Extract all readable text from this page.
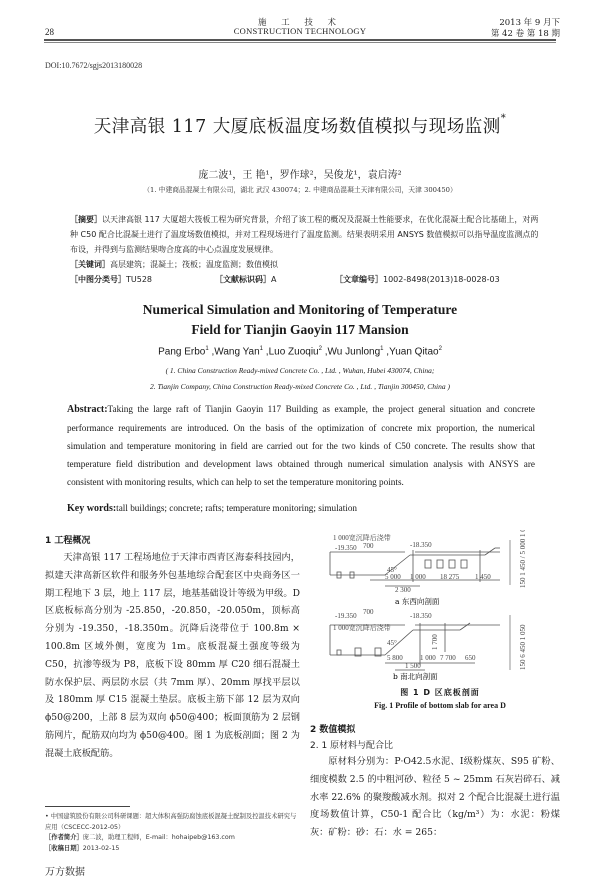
施 工 技 术
CONSTRUCTION TECHNOLOGY
28
2013 年 9 月下
第 42 卷 第 18 期
DOI:10.7672/sgjs2013180028
天津高银 117 大厦底板温度场数值模拟与现场监测*
庞二波¹，王 艳¹，罗作球²，吴俊龙¹，袁启涛²
（1. 中建商品混凝土有限公司，湖北 武汉 430074；2. 中建商品混凝土天津有限公司，天津 300450）
［摘要］以天津高银 117 大厦超大筏板工程为研究背景，介绍了该工程的概况及混凝土性能要求，在优化混凝土配合比基础上，对两种 C50 配合比混凝土进行了温度场数值模拟，并对工程现场进行了温度监测。结果表明采用 ANSYS 数值模拟可以指导温度监测点的布设，并得到与监测结果吻合度高的中心点温度发展规律。
［关键词］高层建筑；混凝土；筏板；温度监测；数值模拟
［中图分类号］TU528	［文献标识码］A	［文章编号］1002-8498(2013)18-0028-03
Numerical Simulation and Monitoring of Temperature
Field for Tianjin Gaoyin 117 Mansion
Pang Erbo$^1$ ,Wang Yan$^1$ ,Luo Zuoqiu$^2$ ,Wu Junlong$^1$ ,Yuan Qitao$^2$
( 1. China Construction Ready-mixed Concrete Co. , Ltd. , Wuhan, Hubei 430074, China;
2. Tianjin Company, China Construction Ready-mixed Concrete Co. , Ltd. , Tianjin 300450, China )
Abstract:Taking the large raft of Tianjin Gaoyin 117 Building as example, the project general situation and concrete performance requirements are introduced. On the basis of the optimization of concrete mix proportion, the numerical simulation and temperature monitoring in field are carried out for the two kinds of C50 concrete. The results show that temperature field distribution and development laws obtained through numerical simulation analysis with ANSYS are consistent with monitoring results, which can help to set the temperature monitoring points.
Key words:tall buildings; concrete; rafts; temperature monitoring; simulation
1 工程概况
天津高银 117 工程场地位于天津市西青区海泰科技园内，拟建天津高新区软件和服务外包基地综合配套区中央商务区一期工程地下 3 层，地上 117 层，地基基础设计等级为甲级。D 区底板标高分别为 -25.850，-20.850，-20.050m，顶标高分别为 -19.350，-18.350m。沉降后浇带位于 100.8m × 100.8m 区域外侧，宽度为 1m。底板混凝土强度等级为 C50，抗渗等级为 P8，底板下设 80mm 厚 C20 细石混凝土防水保护层、两层防水层（共 7mm 厚）、20mm 厚找平层以及 180mm 厚 C15 混凝土垫层。底板主筋下部 12 层为双向 ϕ50@200，上部 8 层为双向 ϕ50@400；板面顶筋为 2 层钢筋网片，配筋双向均为 ϕ50@400。图 1 为底板剖面；图 2 为混凝土底板配筋。
• 中国建筑股份有限公司科研课题：超大体积高强防腐蚀底板混凝土配制及控温技术研究与应用（CSCECC-2012-05）
［作者简介］庞二波，助理工程师，E-mail：hohaipeb@163.com
［收稿日期］2013-02-15
万方数据
1 000宽沉降后浇带
-19.350 700	-18.350
45°
5 000 1 000 18 275 1 450
2 300
a 东西向剖面
150 1 450 / 5 000 1 050
-19.350 700	-18.350
1 000宽沉降后浇带
1 700
45°
5 800 1 000 7 700 650
1 500
b 南北向剖面
150 6 450 1 050
图 1 D 区底板剖面
Fig. 1 Profile of bottom slab for area D
2 数值模拟
2. 1 原材料与配合比
原材料分别为：P·O42.5水泥、Ⅰ级粉煤灰、S95 矿粉、细度模数 2.5 的中粗河砂、粒径 5 ~ 25mm 石灰岩碎石、减水率 22.6% 的聚羧酸减水剂。拟对 2 个配合比混凝土进行温度场数值计算，C50-1 配合比（kg/m³）为：水泥：粉煤灰：矿粉：砂：石：水 = 265：
